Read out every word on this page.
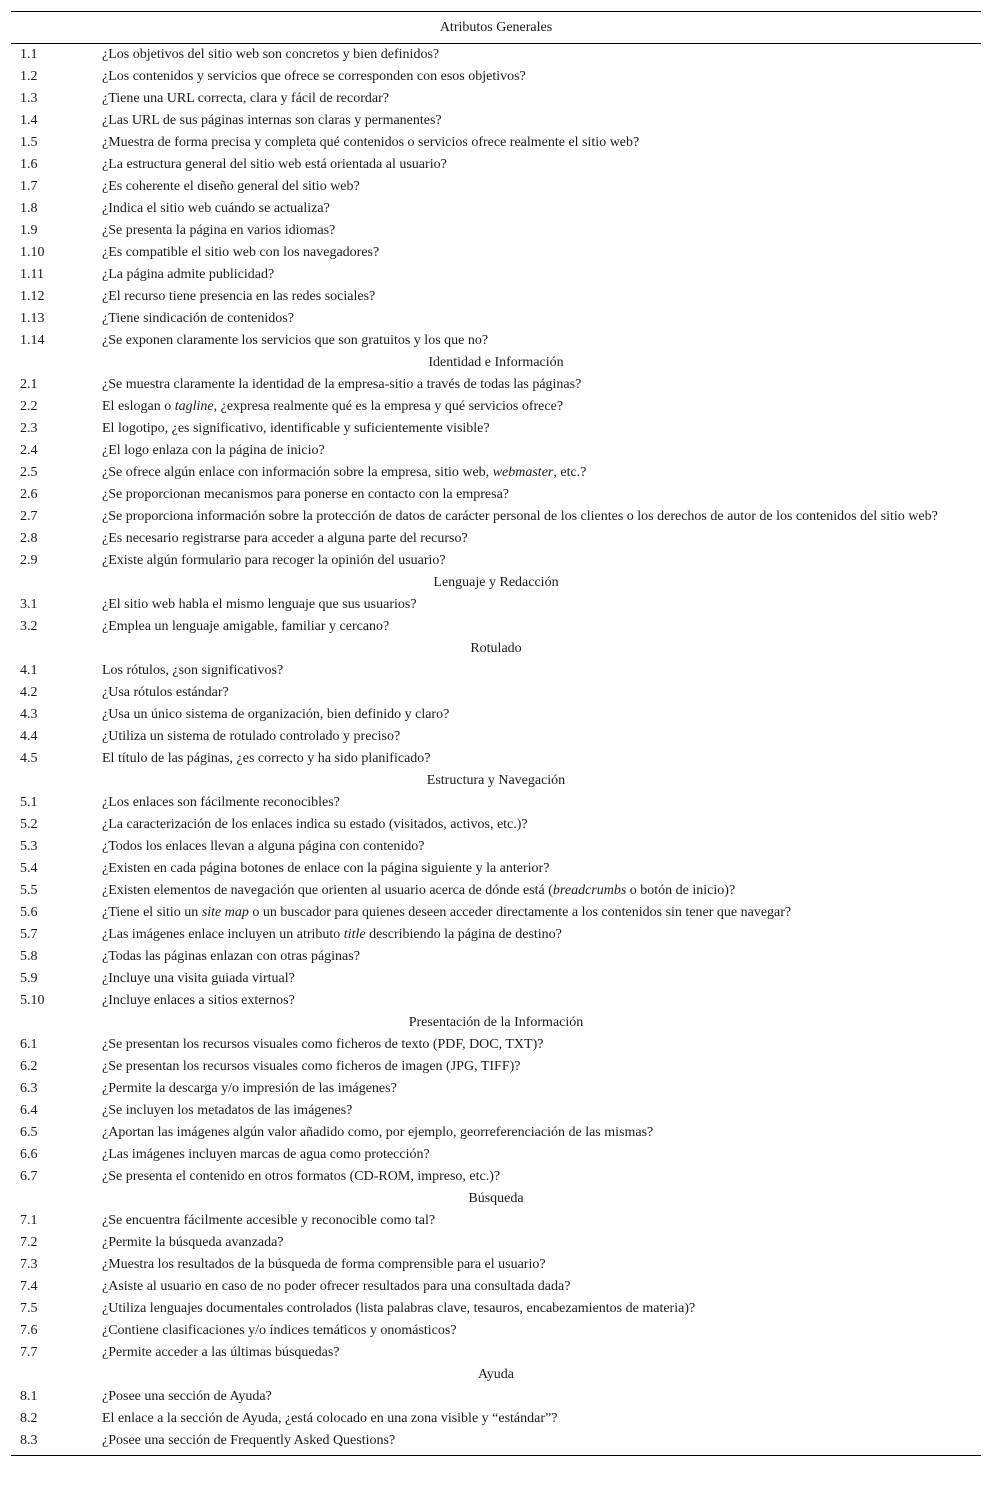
Atributos Generales
1.1	¿Los objetivos del sitio web son concretos y bien definidos?
1.2	¿Los contenidos y servicios que ofrece se corresponden con esos objetivos?
1.3	¿Tiene una URL correcta, clara y fácil de recordar?
1.4	¿Las URL de sus páginas internas son claras y permanentes?
1.5	¿Muestra de forma precisa y completa qué contenidos o servicios ofrece realmente el sitio web?
1.6	¿La estructura general del sitio web está orientada al usuario?
1.7	¿Es coherente el diseño general del sitio web?
1.8	¿Indica el sitio web cuándo se actualiza?
1.9	¿Se presenta la página en varios idiomas?
1.10	¿Es compatible el sitio web con los navegadores?
1.11	¿La página admite publicidad?
1.12	¿El recurso tiene presencia en las redes sociales?
1.13	¿Tiene sindicación de contenidos?
1.14	¿Se exponen claramente los servicios que son gratuitos y los que no?
Identidad e Información
2.1	¿Se muestra claramente la identidad de la empresa-sitio a través de todas las páginas?
2.2	El eslogan o tagline, ¿expresa realmente qué es la empresa y qué servicios ofrece?
2.3	El logotipo, ¿es significativo, identificable y suficientemente visible?
2.4	¿El logo enlaza con la página de inicio?
2.5	¿Se ofrece algún enlace con información sobre la empresa, sitio web, webmaster, etc.?
2.6	¿Se proporcionan mecanismos para ponerse en contacto con la empresa?
2.7	¿Se proporciona información sobre la protección de datos de carácter personal de los clientes o los derechos de autor de los contenidos del sitio web?
2.8	¿Es necesario registrarse para acceder a alguna parte del recurso?
2.9	¿Existe algún formulario para recoger la opinión del usuario?
Lenguaje y Redacción
3.1	¿El sitio web habla el mismo lenguaje que sus usuarios?
3.2	¿Emplea un lenguaje amigable, familiar y cercano?
Rotulado
4.1	Los rótulos, ¿son significativos?
4.2	¿Usa rótulos estándar?
4.3	¿Usa un único sistema de organización, bien definido y claro?
4.4	¿Utiliza un sistema de rotulado controlado y preciso?
4.5	El título de las páginas, ¿es correcto y ha sido planificado?
Estructura y Navegación
5.1	¿Los enlaces son fácilmente reconocibles?
5.2	¿La caracterización de los enlaces indica su estado (visitados, activos, etc.)?
5.3	¿Todos los enlaces llevan a alguna página con contenido?
5.4	¿Existen en cada página botones de enlace con la página siguiente y la anterior?
5.5	¿Existen elementos de navegación que orienten al usuario acerca de dónde está (breadcrumbs o botón de inicio)?
5.6	¿Tiene el sitio un site map o un buscador para quienes deseen acceder directamente a los contenidos sin tener que navegar?
5.7	¿Las imágenes enlace incluyen un atributo title describiendo la página de destino?
5.8	¿Todas las páginas enlazan con otras páginas?
5.9	¿Incluye una visita guiada virtual?
5.10	¿Incluye enlaces a sitios externos?
Presentación de la Información
6.1	¿Se presentan los recursos visuales como ficheros de texto (PDF, DOC, TXT)?
6.2	¿Se presentan los recursos visuales como ficheros de imagen (JPG, TIFF)?
6.3	¿Permite la descarga y/o impresión de las imágenes?
6.4	¿Se incluyen los metadatos de las imágenes?
6.5	¿Aportan las imágenes algún valor añadido como, por ejemplo, georreferenciación de las mismas?
6.6	¿Las imágenes incluyen marcas de agua como protección?
6.7	¿Se presenta el contenido en otros formatos (CD-ROM, impreso, etc.)?
Búsqueda
7.1	¿Se encuentra fácilmente accesible y reconocible como tal?
7.2	¿Permite la búsqueda avanzada?
7.3	¿Muestra los resultados de la búsqueda de forma comprensible para el usuario?
7.4	¿Asiste al usuario en caso de no poder ofrecer resultados para una consultada dada?
7.5	¿Utiliza lenguajes documentales controlados (lista palabras clave, tesauros, encabezamientos de materia)?
7.6	¿Contiene clasificaciones y/o índices temáticos y onomásticos?
7.7	¿Permite acceder a las últimas búsquedas?
Ayuda
8.1	¿Posee una sección de Ayuda?
8.2	El enlace a la sección de Ayuda, ¿está colocado en una zona visible y “estándar”?
8.3	¿Posee una sección de Frequently Asked Questions?
